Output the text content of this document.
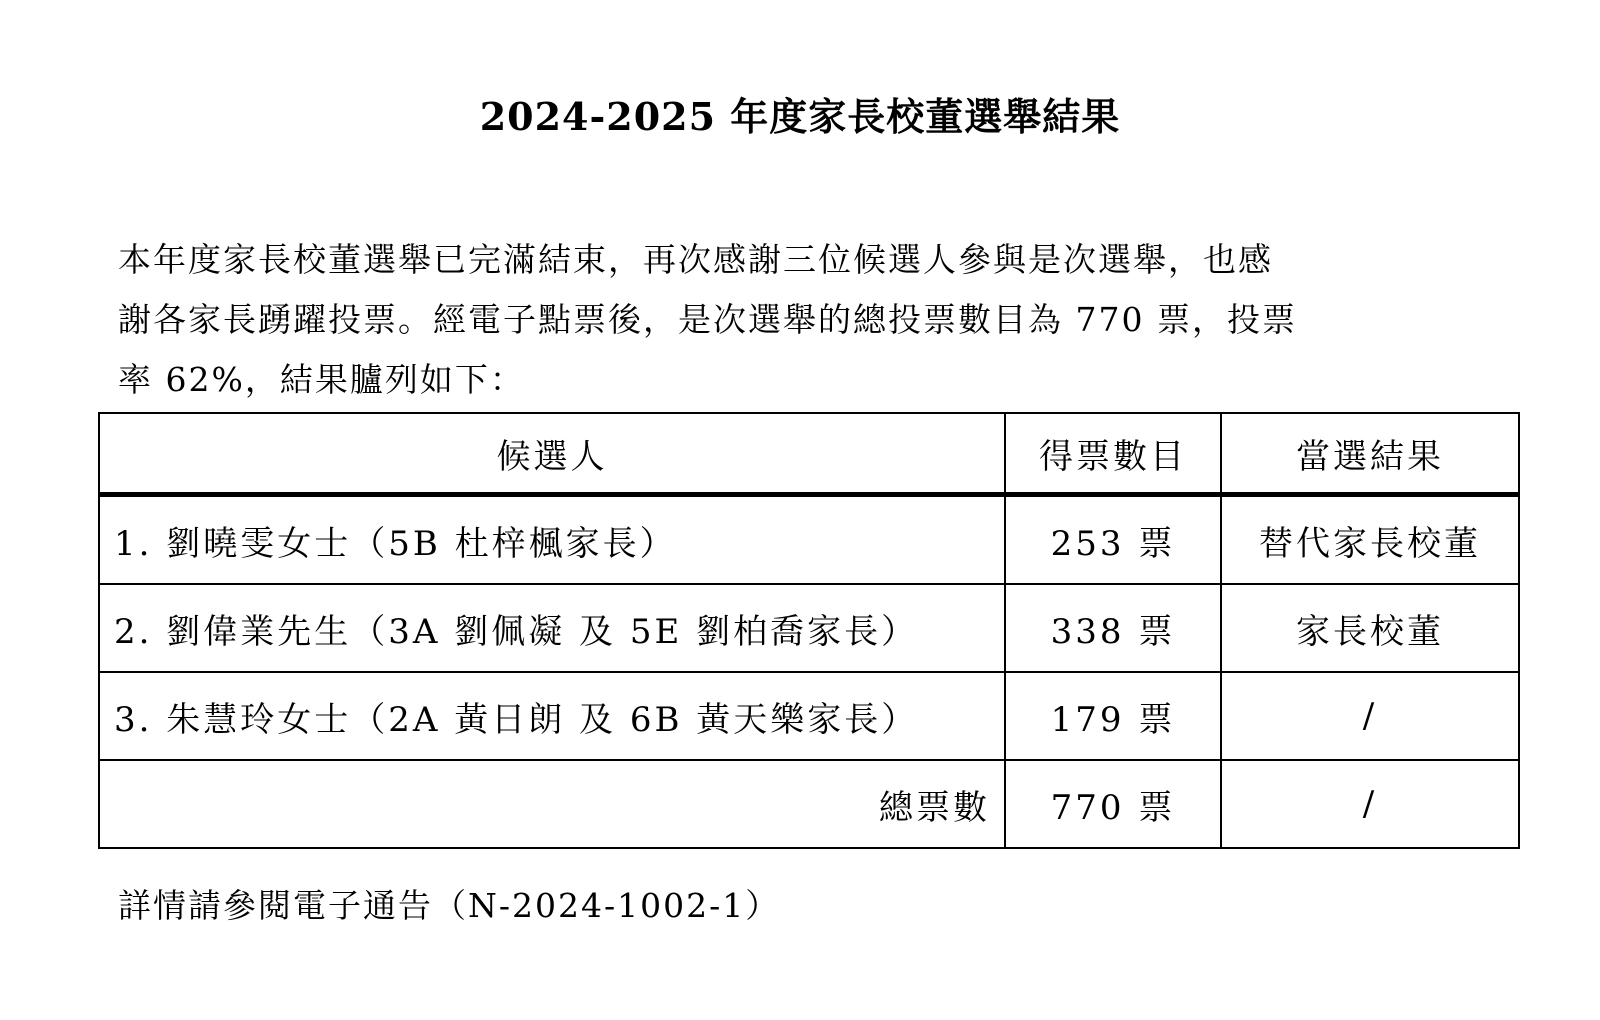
2024-2025 年度家長校董選舉結果
本年度家長校董選舉已完滿結束，再次感謝三位候選人參與是次選舉，也感
謝各家長踴躍投票。經電子點票後，是次選舉的總投票數目為 770 票，投票
率 62%，結果臚列如下：
候選人	得票數目	當選結果
1. 劉曉雯女士（5B 杜梓楓家長）	253 票	替代家長校董
2. 劉偉業先生（3A 劉佩凝 及 5E 劉柏喬家長）	338 票	家長校董
3. 朱慧玲女士（2A 黃日朗 及 6B 黃天樂家長）	179 票	/
總票數	770 票	/
詳情請參閱電子通告（N-2024-1002-1）
